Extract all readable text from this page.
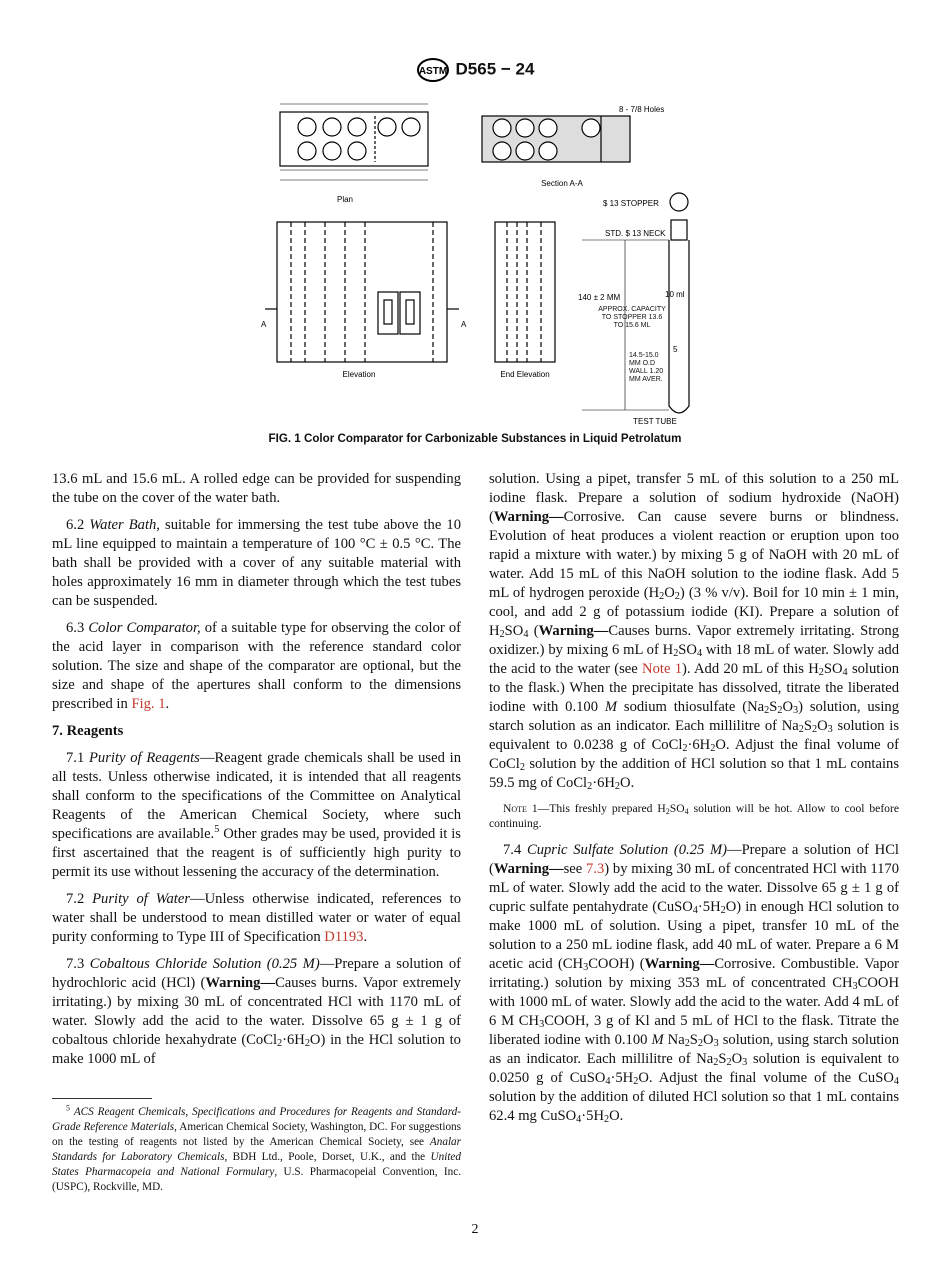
ASTM D565 − 24
Plan
Section A-A
8 - 7/8 Holes
Elevation	End Elevation
$ 13 STOPPER
STD. $ 13 NECK
140 ± 2 MM	10 ml
5
TEST TUBE
A	A
APPROX. CAPACITY TO STOPPER 13.6 TO 15.6 ML
14.5-15.0 MM O.D WALL 1.20 MM AVER.
FIG. 1 Color Comparator for Carbonizable Substances in Liquid Petrolatum

13.6 mL and 15.6 mL. A rolled edge can be provided for suspending the tube on the cover of the water bath.

6.2 Water Bath, suitable for immersing the test tube above the 10 mL line equipped to maintain a temperature of 100 °C ± 0.5 °C. The bath shall be provided with a cover of any suitable material with holes approximately 16 mm in diameter through which the test tubes can be suspended.

6.3 Color Comparator, of a suitable type for observing the color of the acid layer in comparison with the reference standard color solution. The size and shape of the comparator are optional, but the size and shape of the apertures shall conform to the dimensions prescribed in Fig. 1.

7. Reagents

7.1 Purity of Reagents—Reagent grade chemicals shall be used in all tests. Unless otherwise indicated, it is intended that all reagents shall conform to the specifications of the Committee on Analytical Reagents of the American Chemical Society, where such specifications are available.$^5$ Other grades may be used, provided it is first ascertained that the reagent is of sufficiently high purity to permit its use without lessening the accuracy of the determination.

7.2 Purity of Water—Unless otherwise indicated, references to water shall be understood to mean distilled water or water of equal purity conforming to Type III of Specification D1193.

7.3 Cobaltous Chloride Solution (0.25 M)—Prepare a solution of hydrochloric acid (HCl) (Warning—Causes burns. Vapor extremely irritating.) by mixing 30 mL of concentrated HCl with 1170 mL of water. Slowly add the acid to the water. Dissolve 65 g ± 1 g of cobaltous chloride hexahydrate $(CoCl_2\cdot 6H_2O)$ in the HCl solution to make 1000 mL of

$^5$ ACS Reagent Chemicals, Specifications and Procedures for Reagents and Standard-Grade Reference Materials, American Chemical Society, Washington, DC. For suggestions on the testing of reagents not listed by the American Chemical Society, see Analar Standards for Laboratory Chemicals, BDH Ltd., Poole, Dorset, U.K., and the United States Pharmacopeia and National Formulary, U.S. Pharmacopeial Convention, Inc. (USPC), Rockville, MD.

solution. Using a pipet, transfer 5 mL of this solution to a 250 mL iodine flask. Prepare a solution of sodium hydroxide (NaOH) (Warning—Corrosive. Can cause severe burns or blindness. Evolution of heat produces a violent reaction or eruption upon too rapid a mixture with water.) by mixing 5 g of NaOH with 20 mL of water. Add 15 mL of this NaOH solution to the iodine flask. Add 5 mL of hydrogen peroxide $(H_2O_2)$ (3 % v/v). Boil for 10 min ± 1 min, cool, and add 2 g of potassium iodide (KI). Prepare a solution of $H_2SO_4$ (Warning—Causes burns. Vapor extremely irritating. Strong oxidizer.) by mixing 6 mL of $H_2SO_4$ with 18 mL of water. Slowly add the acid to the water (see Note 1). Add 20 mL of this $H_2SO_4$ solution to the flask.) When the precipitate has dissolved, titrate the liberated iodine with 0.100 M sodium thiosulfate $(Na_2S_2O_3)$ solution, using starch solution as an indicator. Each millilitre of $Na_2S_2O_3$ solution is equivalent to 0.0238 g of $CoCl_2\cdot 6H_2O$. Adjust the final volume of CoCl$_2$ solution by the addition of HCl solution so that 1 mL contains 59.5 mg of $CoCl_2\cdot 6H_2O$.

Note 1—This freshly prepared $H_2SO_4$ solution will be hot. Allow to cool before continuing.

7.4 Cupric Sulfate Solution (0.25 M)—Prepare a solution of HCl (Warning—see 7.3) by mixing 30 mL of concentrated HCl with 1170 mL of water. Slowly add the acid to the water. Dissolve 65 g ± 1 g of cupric sulfate pentahydrate $(CuSO_4\cdot 5H_2O)$ in enough HCl solution to make 1000 mL of solution. Using a pipet, transfer 10 mL of the solution to a 250 mL iodine flask, add 40 mL of water. Prepare a 6 M acetic acid $(CH_3COOH)$ (Warning—Corrosive. Combustible. Vapor irritating.) solution by mixing 353 mL of concentrated $CH_3COOH$ with 1000 mL of water. Slowly add the acid to the water. Add 4 mL of 6 M $CH_3COOH$, 3 g of Kl and 5 mL of HCl to the flask. Titrate the liberated iodine with 0.100 M $Na_2S_2O_3$ solution, using starch solution as an indicator. Each millilitre of $Na_2S_2O_3$ solution is equivalent to 0.0250 g of $CuSO_4\cdot 5H_2O$. Adjust the final volume of the CuSO$_4$ solution by the addition of diluted HCl solution so that 1 mL contains 62.4 mg $CuSO_4\cdot 5H_2O$.

2
